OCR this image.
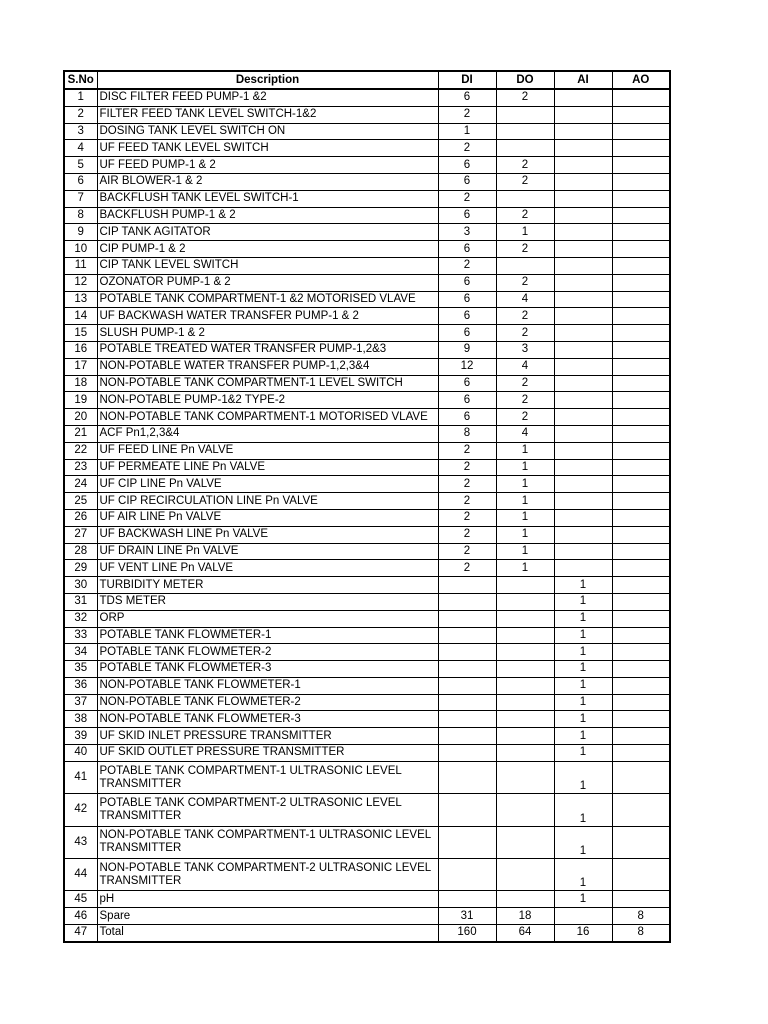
S.No	Description	DI	DO	AI	AO
1	DISC FILTER FEED PUMP-1 &2	6	2		
2	FILTER FEED TANK LEVEL SWITCH-1&2	2			
3	DOSING TANK LEVEL SWITCH ON	1			
4	UF FEED TANK LEVEL SWITCH	2			
5	UF FEED PUMP-1 & 2	6	2		
6	AIR BLOWER-1 & 2	6	2		
7	BACKFLUSH TANK LEVEL SWITCH-1	2			
8	BACKFLUSH PUMP-1 & 2	6	2		
9	CIP TANK AGITATOR	3	1		
10	CIP PUMP-1 & 2	6	2		
11	CIP TANK LEVEL SWITCH	2			
12	OZONATOR PUMP-1 & 2	6	2		
13	POTABLE TANK COMPARTMENT-1 &2 MOTORISED VLAVE	6	4		
14	UF BACKWASH WATER TRANSFER PUMP-1 & 2	6	2		
15	SLUSH PUMP-1 & 2	6	2		
16	POTABLE TREATED WATER TRANSFER PUMP-1,2&3	9	3		
17	NON-POTABLE WATER TRANSFER PUMP-1,2,3&4	12	4		
18	NON-POTABLE TANK COMPARTMENT-1 LEVEL SWITCH	6	2		
19	NON-POTABLE PUMP-1&2 TYPE-2	6	2		
20	NON-POTABLE TANK COMPARTMENT-1 MOTORISED VLAVE	6	2		
21	ACF Pn1,2,3&4	8	4		
22	UF FEED LINE Pn VALVE	2	1		
23	UF PERMEATE LINE Pn VALVE	2	1		
24	UF CIP LINE Pn VALVE	2	1		
25	UF CIP RECIRCULATION LINE Pn VALVE	2	1		
26	UF AIR LINE Pn VALVE	2	1		
27	UF BACKWASH LINE Pn VALVE	2	1		
28	UF DRAIN LINE Pn VALVE	2	1		
29	UF VENT LINE Pn VALVE	2	1		
30	TURBIDITY METER			1	
31	TDS METER			1	
32	ORP			1	
33	POTABLE TANK FLOWMETER-1			1	
34	POTABLE TANK FLOWMETER-2			1	
35	POTABLE TANK FLOWMETER-3			1	
36	NON-POTABLE TANK FLOWMETER-1			1	
37	NON-POTABLE TANK FLOWMETER-2			1	
38	NON-POTABLE TANK FLOWMETER-3			1	
39	UF SKID INLET PRESSURE TRANSMITTER			1	
40	UF SKID OUTLET PRESSURE TRANSMITTER			1	
41	POTABLE TANK COMPARTMENT-1 ULTRASONIC LEVEL TRANSMITTER			1	
42	POTABLE TANK COMPARTMENT-2 ULTRASONIC LEVEL TRANSMITTER			1	
43	NON-POTABLE TANK COMPARTMENT-1 ULTRASONIC LEVEL TRANSMITTER			1	
44	NON-POTABLE TANK COMPARTMENT-2 ULTRASONIC LEVEL TRANSMITTER			1	
45	pH			1	
46	Spare	31	18		8
47	Total	160	64	16	8
